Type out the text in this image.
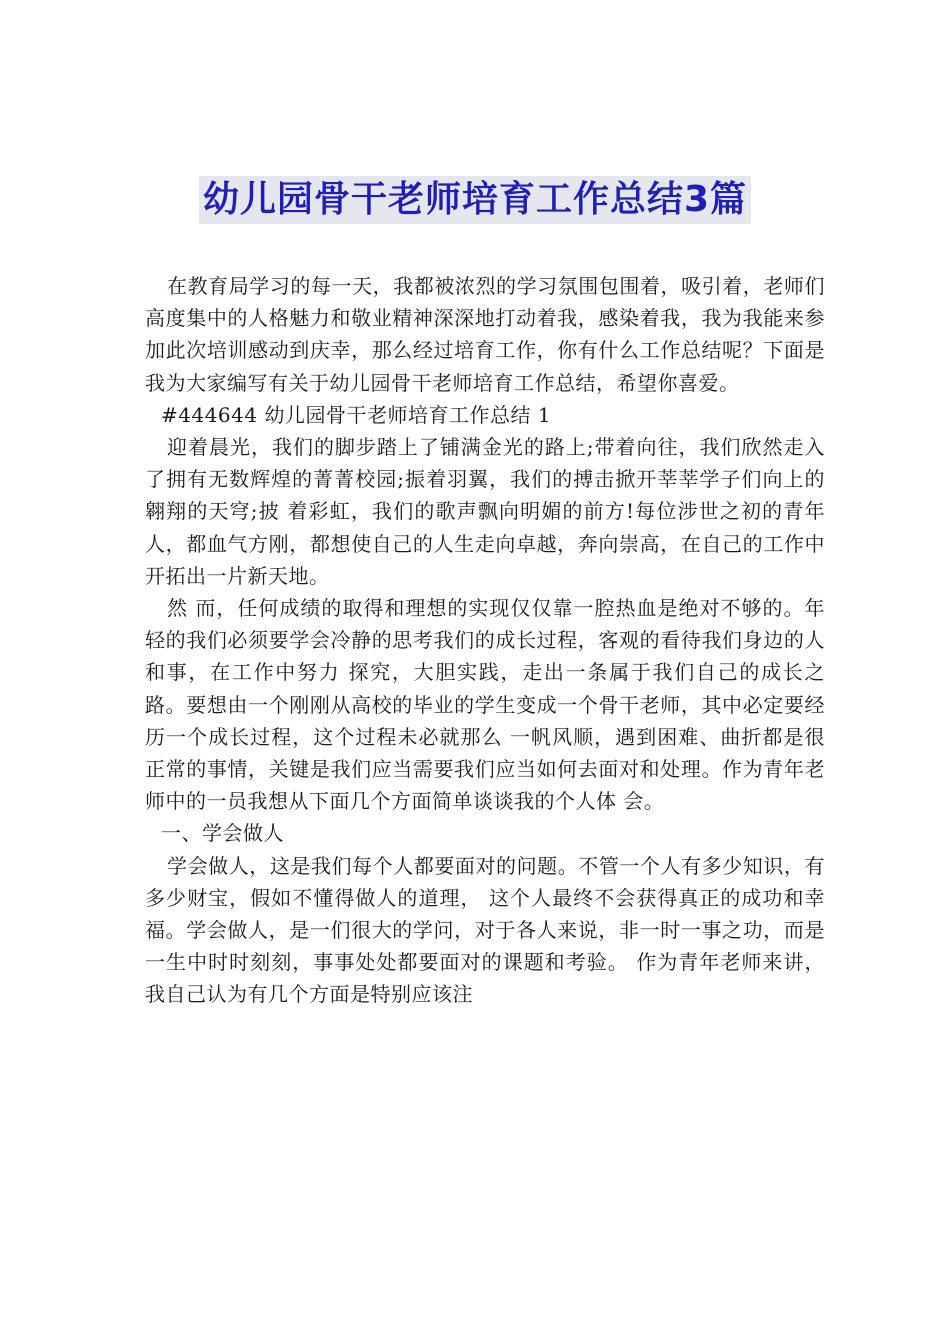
幼儿园骨干老师培育工作总结3篇

在教育局学习的每一天，我都被浓烈的学习氛围包围着，吸引着，老师们高度集中的人格魅力和敬业精神深深地打动着我，感染着我，我为我能来参加此次培训感动到庆幸，那么经过培育工作，你有什么工作总结呢？下面是我为大家编写有关于幼儿园骨干老师培育工作总结，希望你喜爱。

#444644 幼儿园骨干老师培育工作总结 1

迎着晨光，我们的脚步踏上了铺满金光的路上;带着向往，我们欣然走入了拥有无数辉煌的菁菁校园;振着羽翼，我们的搏击掀开莘莘学子们向上的翱翔的天穹;披 着彩虹，我们的歌声飘向明媚的前方!每位涉世之初的青年人，都血气方刚，都想使自己的人生走向卓越，奔向崇高，在自己的工作中开拓出一片新天地。

然 而，任何成绩的取得和理想的实现仅仅靠一腔热血是绝对不够的。年轻的我们必须要学会冷静的思考我们的成长过程，客观的看待我们身边的人和事，在工作中努力 探究，大胆实践，走出一条属于我们自己的成长之路。要想由一个刚刚从高校的毕业的学生变成一个骨干老师，其中必定要经历一个成长过程，这个过程未必就那么 一帆风顺，遇到困难、曲折都是很正常的事情，关键是我们应当需要我们应当如何去面对和处理。作为青年老师中的一员我想从下面几个方面简单谈谈我的个人体 会。

一、学会做人

学会做人，这是我们每个人都要面对的问题。不管一个人有多少知识，有多少财宝，假如不懂得做人的道理， 这个人最终不会获得真正的成功和幸福。学会做人，是一们很大的学问，对于各人来说，非一时一事之功，而是一生中时时刻刻，事事处处都要面对的课题和考验。 作为青年老师来讲，我自己认为有几个方面是特别应该注
